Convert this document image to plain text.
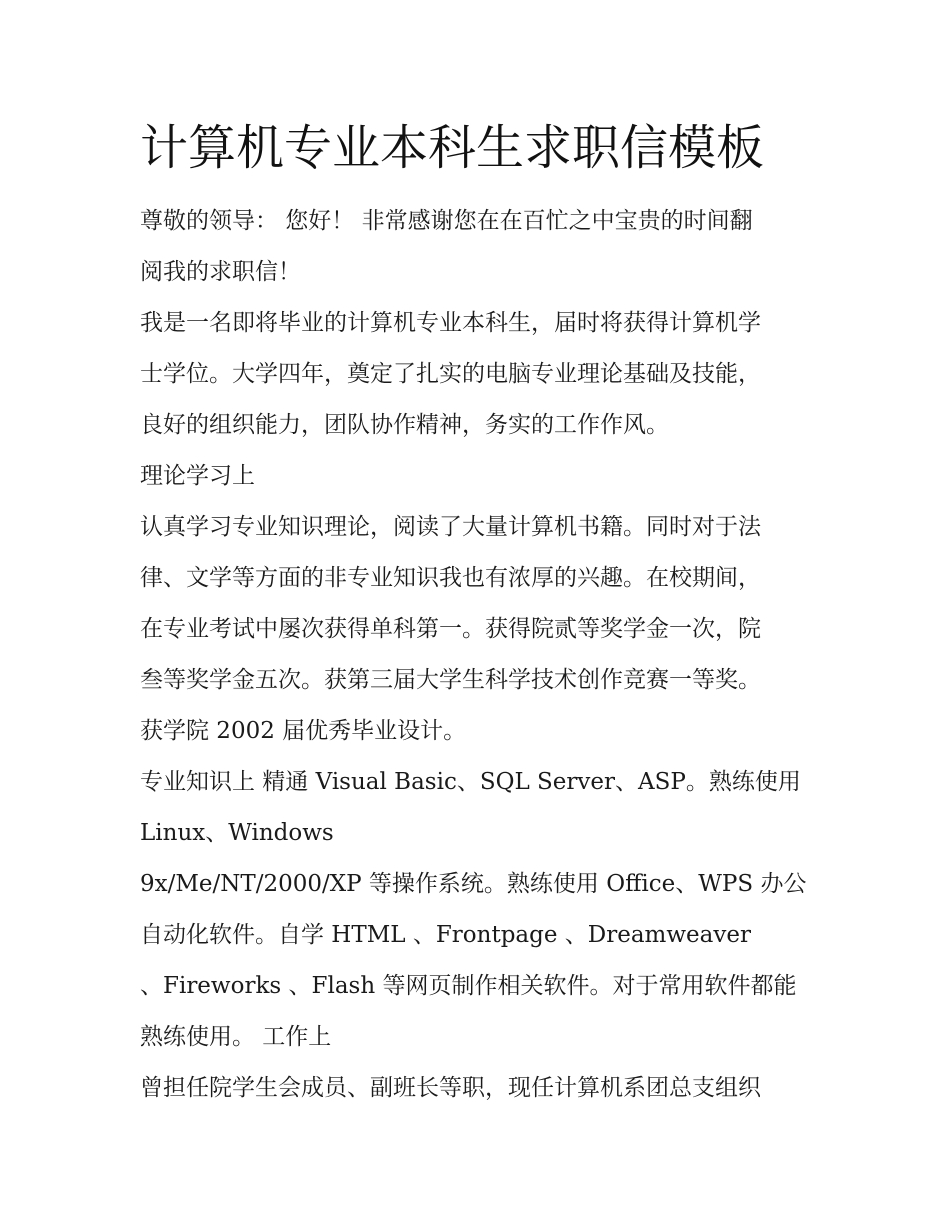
计算机专业本科生求职信模板
尊敬的领导： 您好！ 非常感谢您在在百忙之中宝贵的时间翻
阅我的求职信！
我是一名即将毕业的计算机专业本科生，届时将获得计算机学
士学位。大学四年，奠定了扎实的电脑专业理论基础及技能，
良好的组织能力，团队协作精神，务实的工作作风。
理论学习上
认真学习专业知识理论，阅读了大量计算机书籍。同时对于法
律、文学等方面的非专业知识我也有浓厚的兴趣。在校期间，
在专业考试中屡次获得单科第一。获得院贰等奖学金一次，院
叁等奖学金五次。获第三届大学生科学技术创作竞赛一等奖。
获学院 2002 届优秀毕业设计。
专业知识上 精通 Visual Basic、SQL Server、ASP。熟练使用
Linux、Windows
9x/Me/NT/2000/XP 等操作系统。熟练使用 Office、WPS 办公
自动化软件。自学 HTML 、Frontpage 、Dreamweaver
、Fireworks 、Flash 等网页制作相关软件。对于常用软件都能
熟练使用。 工作上
曾担任院学生会成员、副班长等职，现任计算机系团总支组织
